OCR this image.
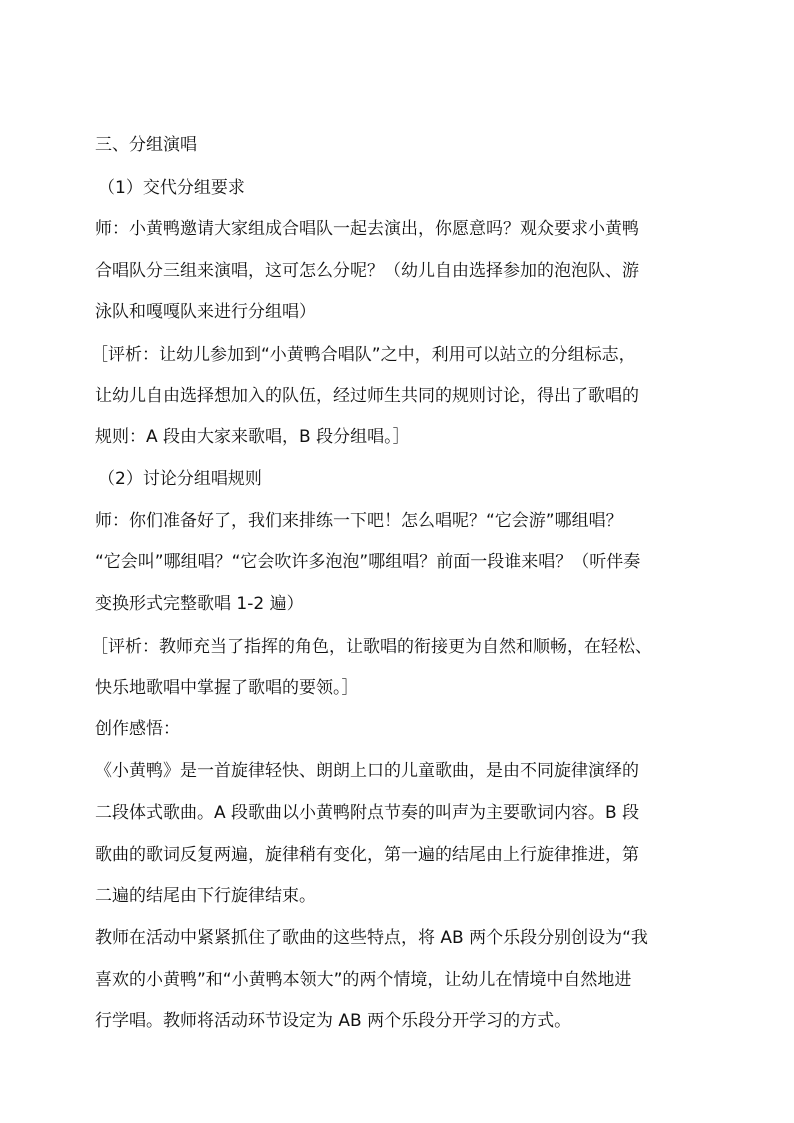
三、分组演唱
（1）交代分组要求
师：小黄鸭邀请大家组成合唱队一起去演出，你愿意吗？观众要求小黄鸭
合唱队分三组来演唱，这可怎么分呢？（幼儿自由选择参加的泡泡队、游
泳队和嘎嘎队来进行分组唱）
［评析：让幼儿参加到“小黄鸭合唱队”之中，利用可以站立的分组标志，
让幼儿自由选择想加入的队伍，经过师生共同的规则讨论，得出了歌唱的
规则：A 段由大家来歌唱，B 段分组唱。］
（2）讨论分组唱规则
师：你们准备好了，我们来排练一下吧！怎么唱呢？“它会游”哪组唱？
“它会叫”哪组唱？“它会吹许多泡泡”哪组唱？前面一段谁来唱？（听伴奏
变换形式完整歌唱 1-2 遍）
［评析：教师充当了指挥的角色，让歌唱的衔接更为自然和顺畅，在轻松、
快乐地歌唱中掌握了歌唱的要领。］
创作感悟：
《小黄鸭》是一首旋律轻快、朗朗上口的儿童歌曲，是由不同旋律演绎的
二段体式歌曲。A 段歌曲以小黄鸭附点节奏的叫声为主要歌词内容。B 段
歌曲的歌词反复两遍，旋律稍有变化，第一遍的结尾由上行旋律推进，第
二遍的结尾由下行旋律结束。
教师在活动中紧紧抓住了歌曲的这些特点，将 AB 两个乐段分别创设为“我
喜欢的小黄鸭”和“小黄鸭本领大”的两个情境，让幼儿在情境中自然地进
行学唱。教师将活动环节设定为 AB 两个乐段分开学习的方式。
